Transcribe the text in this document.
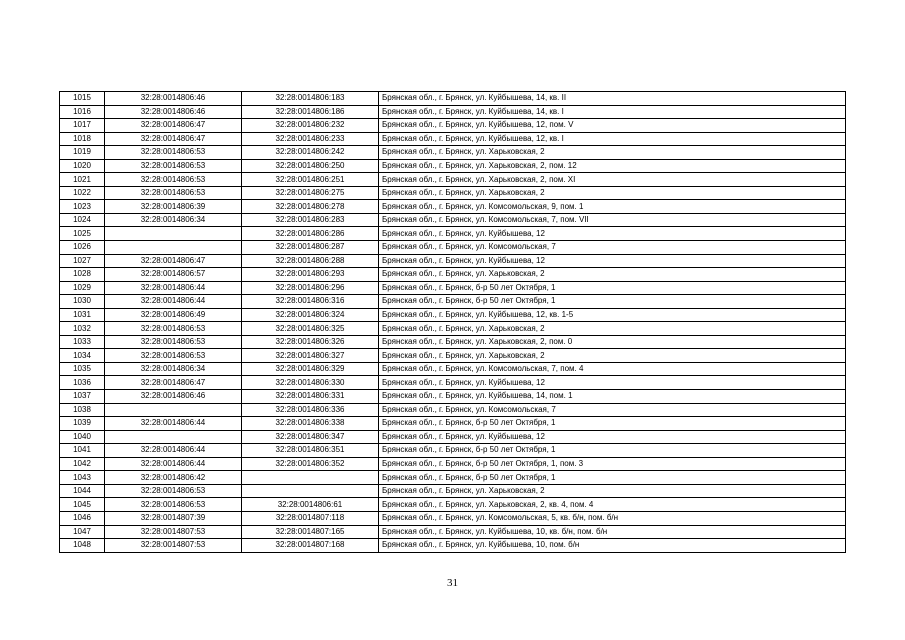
1015	32:28:0014806:46	32:28:0014806:183	Брянская обл., г. Брянск, ул. Куйбышева, 14, кв. II
1016	32:28:0014806:46	32:28:0014806:186	Брянская обл., г. Брянск, ул. Куйбышева, 14, кв. I
1017	32:28:0014806:47	32:28:0014806:232	Брянская обл., г. Брянск, ул. Куйбышева, 12, пом. V
1018	32:28:0014806:47	32:28:0014806:233	Брянская обл., г. Брянск, ул. Куйбышева, 12, кв. I
1019	32:28:0014806:53	32:28:0014806:242	Брянская обл., г. Брянск, ул. Харьковская, 2
1020	32:28:0014806:53	32:28:0014806:250	Брянская обл., г. Брянск, ул. Харьковская, 2, пом. 12
1021	32:28:0014806:53	32:28:0014806:251	Брянская обл., г. Брянск, ул. Харьковская, 2, пом. XI
1022	32:28:0014806:53	32:28:0014806:275	Брянская обл., г. Брянск, ул. Харьковская, 2
1023	32:28:0014806:39	32:28:0014806:278	Брянская обл., г. Брянск, ул. Комсомольская, 9, пом. 1
1024	32:28:0014806:34	32:28:0014806:283	Брянская обл., г. Брянск, ул. Комсомольская, 7, пом. VII
1025		32:28:0014806:286	Брянская обл., г. Брянск, ул. Куйбышева, 12
1026		32:28:0014806:287	Брянская обл., г. Брянск, ул. Комсомольская, 7
1027	32:28:0014806:47	32:28:0014806:288	Брянская обл., г. Брянск, ул. Куйбышева, 12
1028	32:28:0014806:57	32:28:0014806:293	Брянская обл., г. Брянск, ул. Харьковская, 2
1029	32:28:0014806:44	32:28:0014806:296	Брянская обл., г. Брянск, б-р 50 лет Октября, 1
1030	32:28:0014806:44	32:28:0014806:316	Брянская обл., г. Брянск, б-р 50 лет Октября, 1
1031	32:28:0014806:49	32:28:0014806:324	Брянская обл., г. Брянск, ул. Куйбышева, 12, кв. 1-5
1032	32:28:0014806:53	32:28:0014806:325	Брянская обл., г. Брянск, ул. Харьковская, 2
1033	32:28:0014806:53	32:28:0014806:326	Брянская обл., г. Брянск, ул. Харьковская, 2, пом. 0
1034	32:28:0014806:53	32:28:0014806:327	Брянская обл., г. Брянск, ул. Харьковская, 2
1035	32:28:0014806:34	32:28:0014806:329	Брянская обл., г. Брянск, ул. Комсомольская, 7, пом. 4
1036	32:28:0014806:47	32:28:0014806:330	Брянская обл., г. Брянск, ул. Куйбышева, 12
1037	32:28:0014806:46	32:28:0014806:331	Брянская обл., г. Брянск, ул. Куйбышева, 14, пом. 1
1038		32:28:0014806:336	Брянская обл., г. Брянск, ул. Комсомольская, 7
1039	32:28:0014806:44	32:28:0014806:338	Брянская обл., г. Брянск, б-р 50 лет Октября, 1
1040		32:28:0014806:347	Брянская обл., г. Брянск, ул. Куйбышева, 12
1041	32:28:0014806:44	32:28:0014806:351	Брянская обл., г. Брянск, б-р 50 лет Октября, 1
1042	32:28:0014806:44	32:28:0014806:352	Брянская обл., г. Брянск, б-р 50 лет Октября, 1, пом. 3
1043	32:28:0014806:42		Брянская обл., г. Брянск, б-р 50 лет Октября, 1
1044	32:28:0014806:53		Брянская обл., г. Брянск, ул. Харьковская, 2
1045	32:28:0014806:53	32:28:0014806:61	Брянская обл., г. Брянск, ул. Харьковская, 2, кв. 4, пом. 4
1046	32:28:0014807:39	32:28:0014807:118	Брянская обл., г. Брянск, ул. Комсомольская, 5, кв. б/н, пом. б/н
1047	32:28:0014807:53	32:28:0014807:165	Брянская обл., г. Брянск, ул. Куйбышева, 10, кв. б/н, пом. б/н
1048	32:28:0014807:53	32:28:0014807:168	Брянская обл., г. Брянск, ул. Куйбышева, 10, пом. б/н
31
